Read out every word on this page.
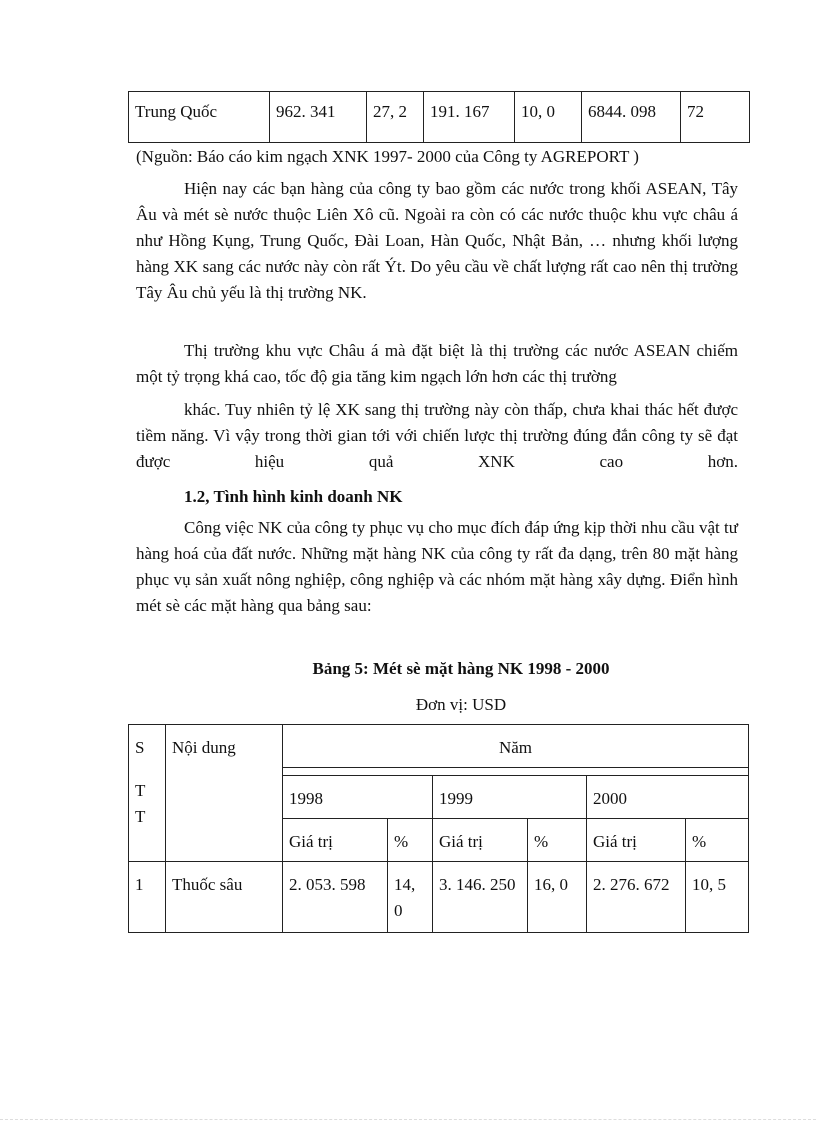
Trung Quốc	962. 341	27, 2	191. 167	10, 0	6844. 098	72

(Nguồn: Báo cáo kim ngạch XNK 1997- 2000 của Công ty AGREPORT )

Hiện nay các bạn hàng của công ty bao gồm các nước trong khối ASEAN, Tây Âu và mét sè nước thuộc Liên Xô cũ. Ngoài ra còn có các nước thuộc khu vực châu á như Hồng Kụng, Trung Quốc, Đài Loan, Hàn Quốc, Nhật Bản, … nhưng khối lượng hàng XK sang các nước này còn rất Ýt. Do yêu cầu về chất lượng rất cao nên thị trường Tây Âu chủ yếu là thị trường NK.

Thị trường khu vực Châu á mà đặt biệt là thị trường các nước ASEAN chiếm một tỷ trọng khá cao, tốc độ gia tăng kim ngạch lớn hơn các thị trường

khác. Tuy nhiên tỷ lệ XK sang thị trường này còn thấp, chưa khai thác hết được tiềm năng. Vì vậy trong thời gian tới với chiến lược thị trường đúng đắn công ty sẽ đạt được hiệu quả XNK cao hơn.

1.2, Tình hình kinh doanh NK

Công việc NK của công ty phục vụ cho mục đích đáp ứng kịp thời nhu cầu vật tư hàng hoá của đất nước. Những mặt hàng NK của công ty rất đa dạng, trên 80 mặt hàng phục vụ sản xuất nông nghiệp, công nghiệp và các nhóm mặt hàng xây dựng. Điển hình mét sè các mặt hàng qua bảng sau:

Bảng 5: Mét sè mặt hàng NK 1998 - 2000

Đơn vị: USD

S	Nội dung	Năm					

T
T							

		1998		1999		2000	
		Giá trị	%	Giá trị	%	Giá trị	%
1	Thuốc sâu	2. 053. 598	14, 0	3. 146. 250	16, 0	2. 276. 672	10, 5
